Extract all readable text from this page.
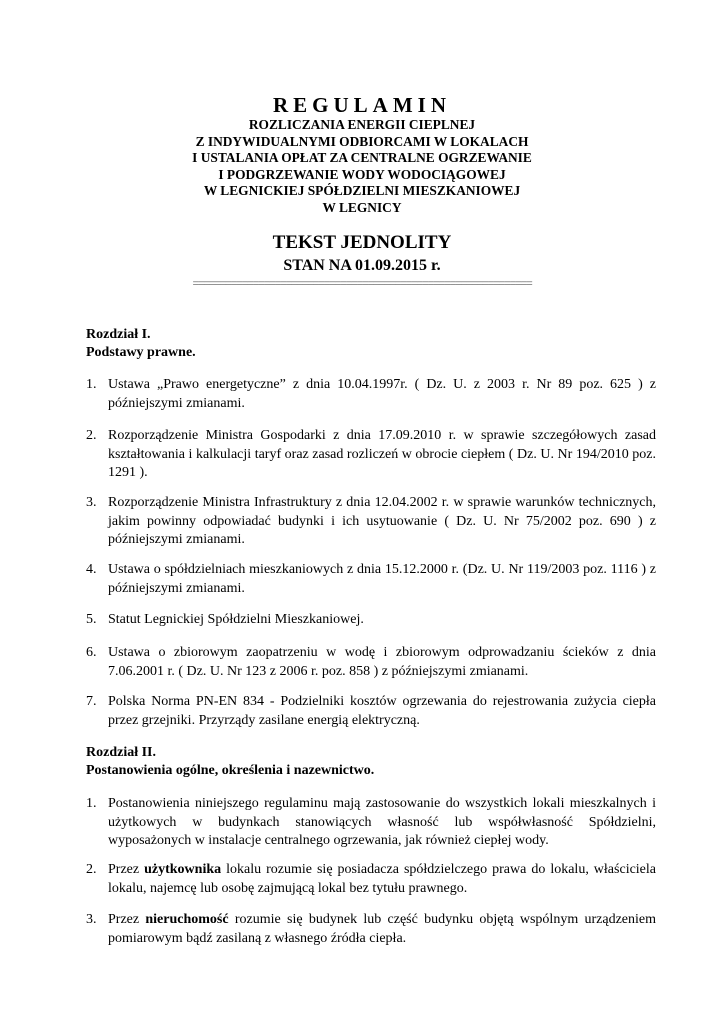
REGULAMIN
ROZLICZANIA ENERGII CIEPLNEJ
Z INDYWIDUALNYMI ODBIORCAMI W LOKALACH
I USTALANIA OPŁAT ZA CENTRALNE OGRZEWANIE
I PODGRZEWANIE WODY WODOCIĄGOWEJ
W LEGNICKIEJ SPÓŁDZIELNI MIESZKANIOWEJ
W LEGNICY
TEKST JEDNOLITY
STAN NA 01.09.2015 r.
==============================================================
Rozdział I.
Podstawy prawne.
1. Ustawa „Prawo energetyczne” z dnia 10.04.1997r. ( Dz. U. z 2003 r. Nr 89 poz. 625 ) z późniejszymi zmianami.
2. Rozporządzenie Ministra Gospodarki z dnia 17.09.2010 r. w sprawie szczegółowych zasad kształtowania i kalkulacji taryf oraz zasad rozliczeń w obrocie ciepłem ( Dz. U. Nr 194/2010 poz. 1291 ).
3. Rozporządzenie Ministra Infrastruktury z dnia 12.04.2002 r. w sprawie warunków technicznych, jakim powinny odpowiadać budynki i ich usytuowanie ( Dz. U. Nr 75/2002 poz. 690 ) z późniejszymi zmianami.
4. Ustawa o spółdzielniach mieszkaniowych z dnia 15.12.2000 r. (Dz. U. Nr 119/2003 poz. 1116 ) z późniejszymi zmianami.
5. Statut Legnickiej Spółdzielni Mieszkaniowej.
6. Ustawa o zbiorowym zaopatrzeniu w wodę i zbiorowym odprowadzaniu ścieków z dnia 7.06.2001 r. ( Dz. U. Nr 123 z 2006 r. poz. 858 ) z późniejszymi zmianami.
7. Polska Norma PN-EN 834 - Podzielniki kosztów ogrzewania do rejestrowania zużycia ciepła przez grzejniki. Przyrządy zasilane energią elektryczną.
Rozdział II.
Postanowienia ogólne, określenia i nazewnictwo.
1. Postanowienia niniejszego regulaminu mają zastosowanie do wszystkich lokali mieszkalnych i użytkowych w budynkach stanowiących własność lub współwłasność Spółdzielni, wyposażonych w instalacje centralnego ogrzewania, jak również ciepłej wody.
2. Przez użytkownika lokalu rozumie się posiadacza spółdzielczego prawa do lokalu, właściciela lokalu, najemcę lub osobę zajmującą lokal bez tytułu prawnego.
3. Przez nieruchomość rozumie się budynek lub część budynku objętą wspólnym urządzeniem pomiarowym bądź zasilaną z własnego źródła ciepła.
